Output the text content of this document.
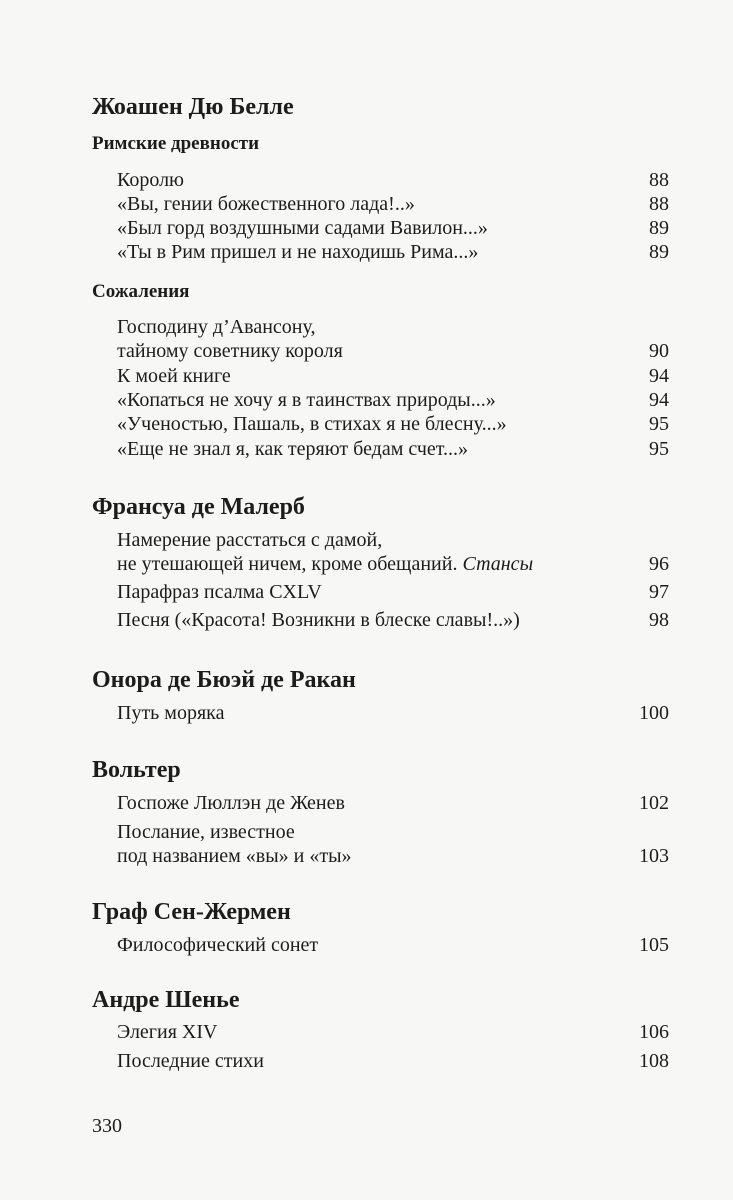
Жоашен Дю Белле
Римские древности
Королю	88
«Вы, гении божественного лада!..»	88
«Был горд воздушными садами Вавилон...»	89
«Ты в Рим пришел и не находишь Рима...»	89
Сожаления
Господину д’Авансону,
тайному советнику короля	90
К моей книге	94
«Копаться не хочу я в таинствах природы...»	94
«Ученостью, Пашаль, в стихах я не блесну...»	95
«Еще не знал я, как теряют бедам счет...»	95
Франсуа де Малерб
Намерение расстаться с дамой,
не утешающей ничем, кроме обещаний. Стансы	96
Парафраз псалма CXLV	97
Песня («Красота! Возникни в блеске славы!..»)	98
Онора де Бюэй де Ракан
Путь моряка	100
Вольтер
Госпоже Люллэн де Женев	102
Послание, известное
под названием «вы» и «ты»	103
Граф Сен-Жермен
Философический сонет	105
Андре Шенье
Элегия XIV	106
Последние стихи	108
330
